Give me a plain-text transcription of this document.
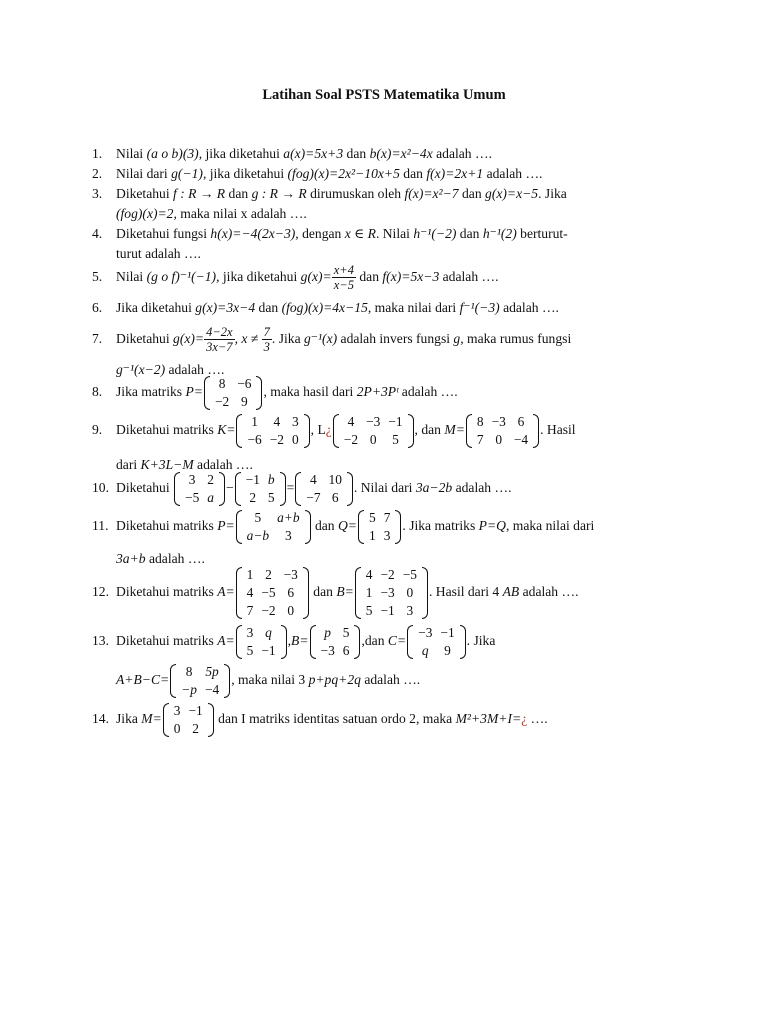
Latihan Soal PSTS Matematika Umum
1. Nilai (a o b)(3), jika diketahui a(x)=5x+3 dan b(x)=x²−4x adalah ….
2. Nilai dari g(−1), jika diketahui (fog)(x)=2x²−10x+5 dan f(x)=2x+1 adalah ….
3. Diketahui f : R → R dan g : R → R dirumuskan oleh f(x)=x²−7 dan g(x)=x−5. Jika
(fog)(x)=2, maka nilai x adalah ….
4. Diketahui fungsi h(x)=−4(2x−3), dengan x ∈ R. Nilai h⁻¹(−2) dan h⁻¹(2) berturut-
turut adalah ….
5. Nilai (g o f)⁻¹(−1), jika diketahui $g(x)= \frac{x+4}{x-5}$ dan f(x)=5x−3 adalah ….
6. Jika diketahui g(x)=3x−4 dan (fog)(x)=4x−15, maka nilai dari f⁻¹(−3) adalah ….
7. Diketahui $g(x)= \frac{4-2x}{3x-7}$ , $x \ne \frac{7}{3}$ . Jika g⁻¹(x) adalah invers fungsi g, maka rumus fungsi
g⁻¹(x−2) adalah ….
8. Jika matriks P=
8	−6
−2	9
, maka hasil dari 2P+3Pᵗ adalah ….
9. Diketahui matriks K=
1	4	3
−6	−2	0
, L¿
4	−3	−1
−2	0	5
, dan M=
8	−3	6
7	0	−4
. Hasil
dari K+3L−M adalah ….
10. Diketahui
3	2
−5	a
−
−1	b
2	5
=
4	10
−7	6
. Nilai dari 3a−2b adalah ….
11. Diketahui matriks P=
5	a+b
a−b	3
dan Q=
5	7
1	3
. Jika matriks P=Q, maka nilai dari
3a+b adalah ….
12. Diketahui matriks A=
1	2	−3
4	−5	6
7	−2	0
dan B=
4	−2	−5
1	−3	0
5	−1	3
. Hasil dari 4 AB adalah ….
13. Diketahui matriks A=
3	q
5	−1
,B=
p	5
−3	6
,dan C=
−3	−1
q	9
. Jika
A+B−C=
8	5p
−p	−4
, maka nilai 3 p+pq+2q adalah ….
14. Jika M=
3	−1
0	2
dan I matriks identitas satuan ordo 2, maka M²+3M+I=¿ ….
